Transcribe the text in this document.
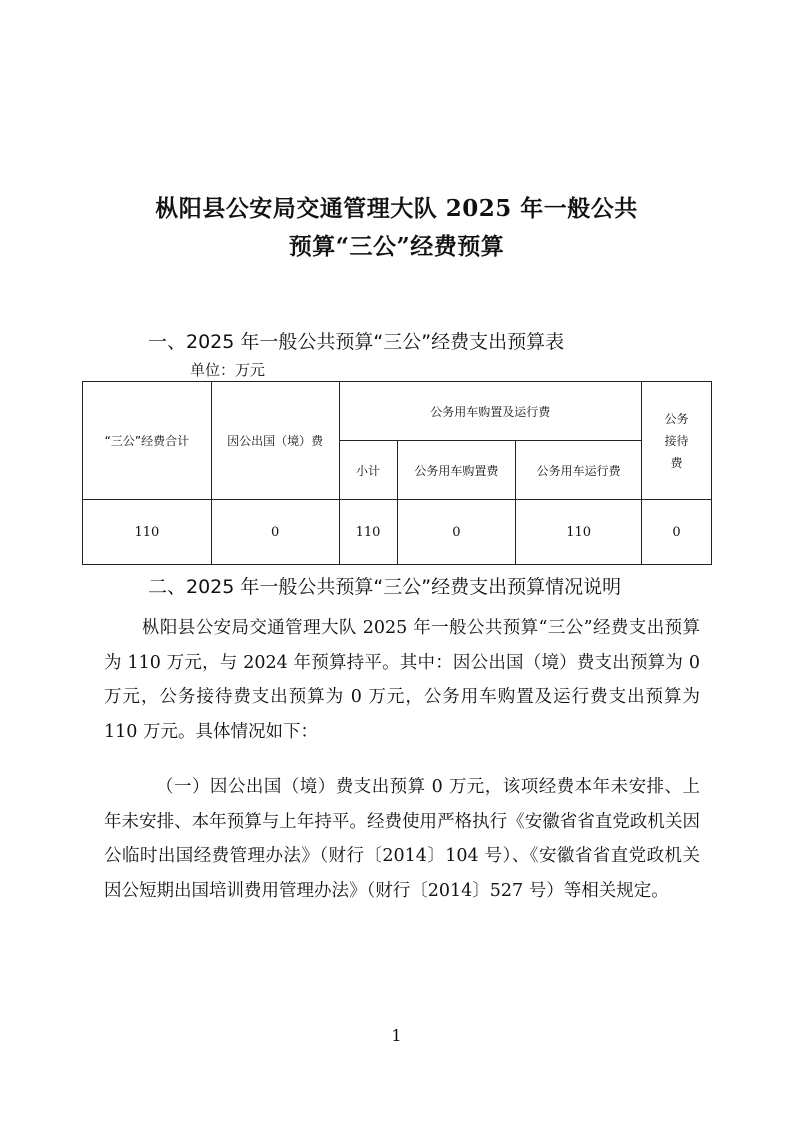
枞阳县公安局交通管理大队 2025 年一般公共
预算“三公”经费预算
一、2025 年一般公共预算“三公”经费支出预算表
单位：万元
“三公”经费合计	因公出国（境）费	公务用车购置及运行费			公务接待费

		小计	公务用车购置费	公务用车运行费	
110	0	110	0	110	0
二、2025 年一般公共预算“三公”经费支出预算情况说明
枞阳县公安局交通管理大队 2025 年一般公共预算“三公”经费支出预算为 110 万元，与 2024 年预算持平。其中：因公出国（境）费支出预算为 0 万元，公务接待费支出预算为 0 万元，公务用车购置及运行费支出预算为 110 万元。具体情况如下：
（一）因公出国（境）费支出预算 0 万元，该项经费本年未安排、上年未安排、本年预算与上年持平。经费使用严格执行《安徽省省直党政机关因公临时出国经费管理办法》（财行〔2014〕104 号）、《安徽省省直党政机关因公短期出国培训费用管理办法》（财行〔2014〕527 号）等相关规定。
1
